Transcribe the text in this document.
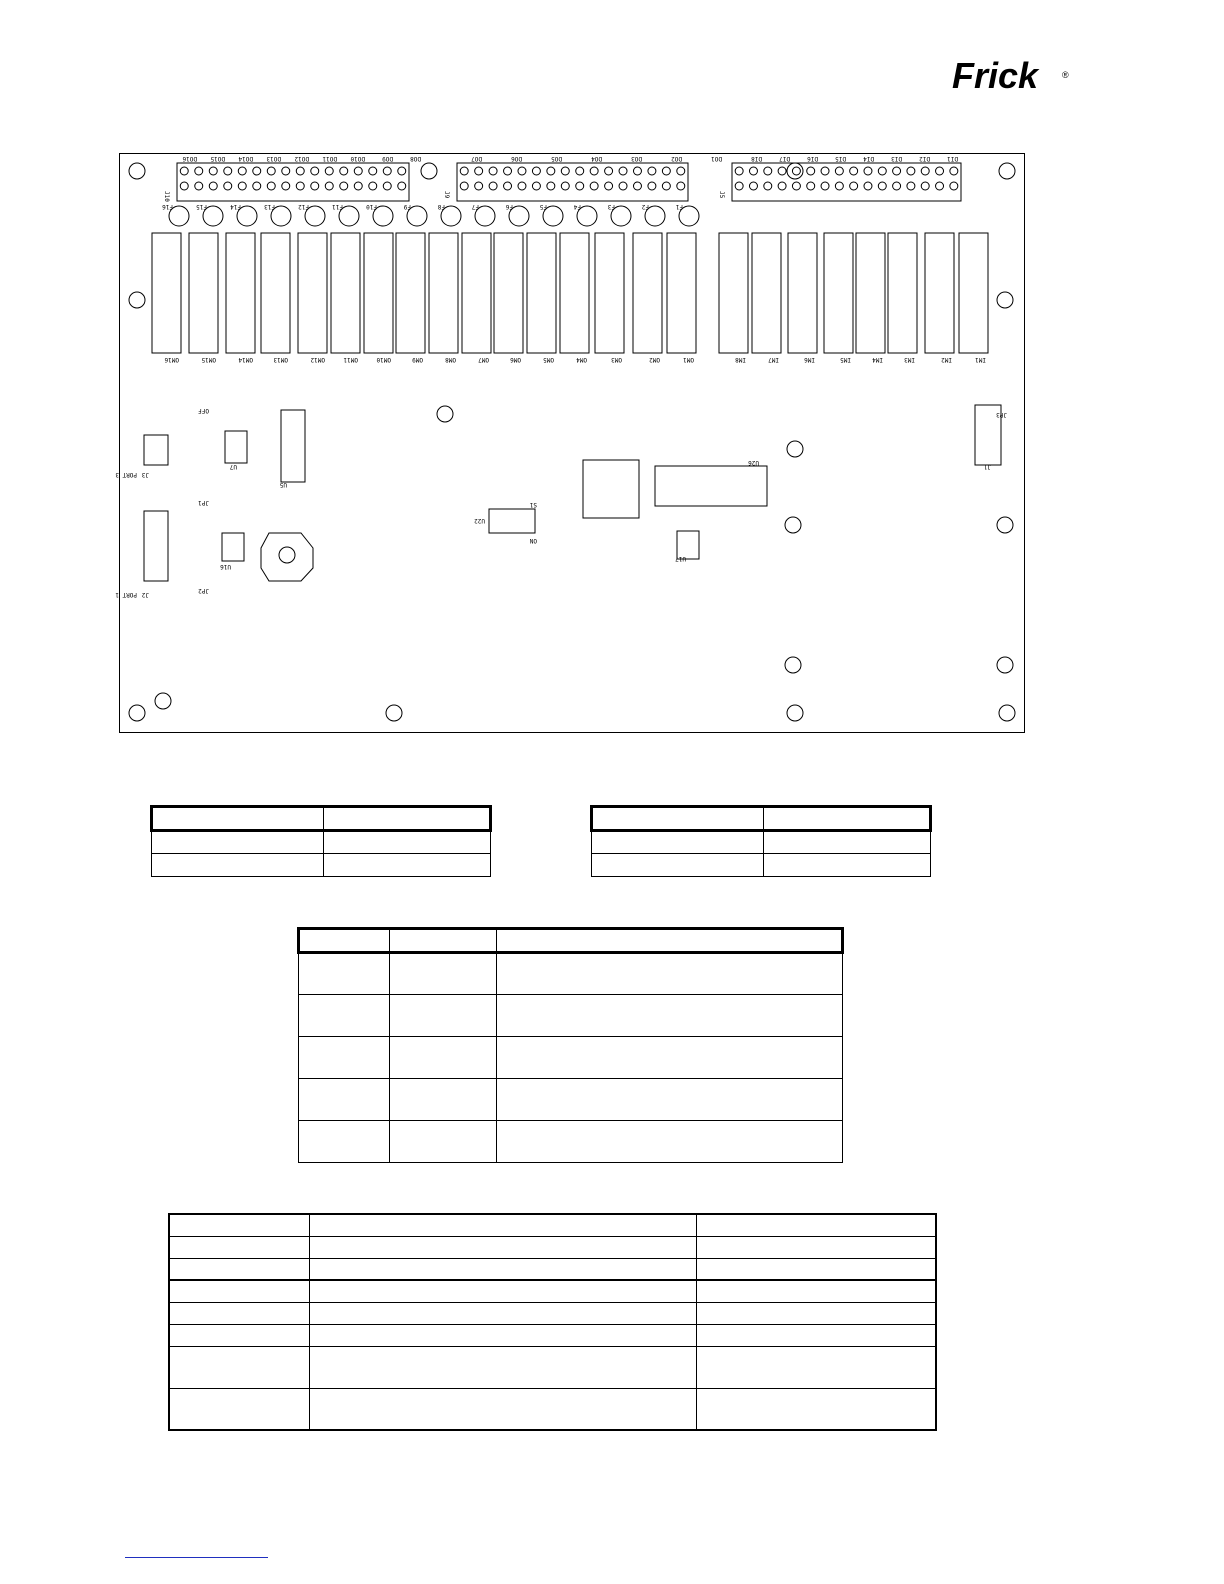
Frick	®
J10	J9	J5
DO16 DO15 DO14 DO13 DO12 DO11 DO10	DO9	DO8	DO7	DO6	DO5	DO4	DO3	DO2	DO1	DI8	DI7	DI6	DI5	DI4	DI3	DI2	DI1
F16	F15	F14	F13	F12	F11	F10	F9	F8	F7	F6	F5	F4	F3	F2	F1
OM16	OM15	OM14	OM13	OM12	OM11	OM10	OM9	OM8	OM7	OM6	OM5	OM4	OM3	OM2	OM1	IM8	IM7	IM6	IM5	IM4	IM3	IM2	IM1
PORT 3
PORT 1
J1
J2
J3
U5
U7
U16
U17
U26
U22
S1
ON
OFF
JP1
JP2
JP3
